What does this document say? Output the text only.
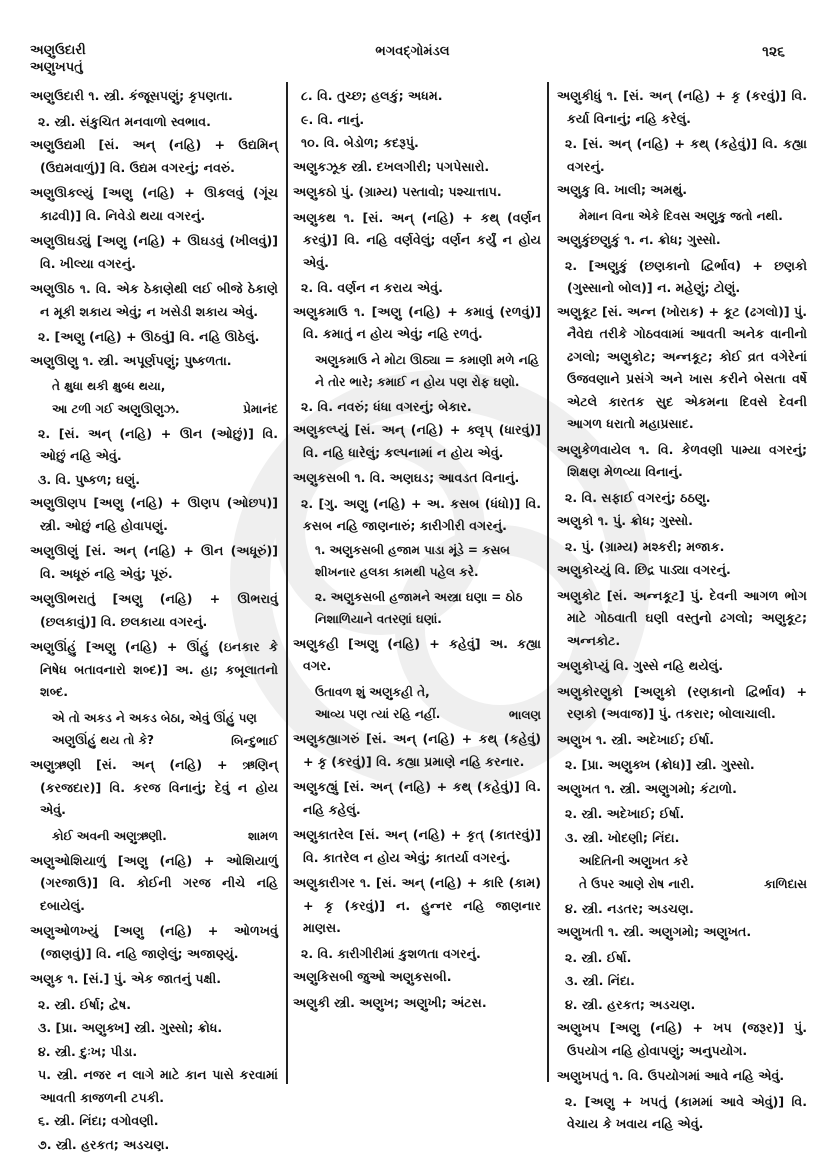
અણુઉદારી
અણુખપતું
ભગવદ્ગોમંડલ	૧૨૬
અણુઉદારી ૧. સ્ત્રી. કંજૂસપણું; કૃપણતા.
૨. સ્ત્રી. સંકુચિત મનવાળો સ્વભાવ.
અણુઉદ્યમી [સં. અન્ (નહિ) + ઉદ્યમિન્ (ઉદ્યમવાળું)] વિ. ઉદ્યમ વગરનું; નવરું.
અણુઊકલ્યું [અણુ (નહિ) + ઊકલવું (ગૂંચ કાઢવી)] વિ. નિવેડો થયા વગરનું.
અણુઊઘડ્યું [અણુ (નહિ) + ઊઘડવું (ખીલવું)] વિ. ખીલ્યા વગરનું.
અણુઊઠ ૧. વિ. એક ઠેકાણેથી લઈ બીજે ઠેકાણે ન મૂકી શકાય એવું; ન ખસેડી શકાય એવું.
૨. [અણુ (નહિ) + ઊઠવું] વિ. નહિ ઊઠેલું.
અણુઊણુ ૧. સ્ત્રી. અપૂર્ણપણું; પુષ્કળતા.
તે ક્ષુધા થકી ક્ષુબ્ધ થયા,
આ ટળી ગઈ અણુઊણુઝ.	પ્રેમાનંદ
૨. [સં. અન્ (નહિ) + ઊન (ઓછું)] વિ. ઓછું નહિ એવું.
૩. વિ. પુષ્કળ; ઘણું.
અણુઊણપ [અણુ (નહિ) + ઊણપ (ઓછપ)] સ્ત્રી. ઓછું નહિ હોવાપણું.
અણુઊણું [સં. અન્ (નહિ) + ઊન (અધૂરું)] વિ. અધૂરું નહિ એવું; પૂરું.
અણુઊભરાતું [અણુ (નહિ) + ઊભરાવું (છલકાવું)] વિ. છલકાયા વગરનું.
અણુઊંહું [અણુ (નહિ) + ઊંહું (ઇનકાર કે નિષેધ બતાવનારો શબ્દ)] અ. હા; કબૂલાતનો શબ્દ.
એ તો અકડ ને અકડ બેઠા, એવું ઊંહું પણ
અણુઊંહું થય તો કે?	બિન્દુભાઈ
અણુઋણી [સં. અન્ (નહિ) + ઋણિન્ (કરજદાર)] વિ. કરજ વિનાનું; દેવું ન હોય એવું.
કોઈ અવની અણુઋણી.	શામળ
અણુઓશિયાળું [અણુ (નહિ) + ઓશિયાળું (ગરજાઉ)] વિ. કોઈની ગરજ નીચે નહિ દબાયેલું.
અણુઓળખ્યું [અણુ (નહિ) + ઓળખવું (જાણવું)] વિ. નહિ જાણેલું; અજાણ્યું.
અણુક ૧. [સં.] પું. એક જાતનું પક્ષી.
૨. સ્ત્રી. ઈર્ષા; દ્વેષ.
૩. [પ્રા. અણુક્ખ] સ્ત્રી. ગુસ્સો; ક્રોધ.
૪. સ્ત્રી. દુઃખ; પીડા.
૫. સ્ત્રી. નજર ન લાગે માટે કાન પાસે કરવામાં આવતી કાજળની ટપકી.
૬. સ્ત્રી. નિંદા; વગોવણી.
૭. સ્ત્રી. હરકત; અડચણ.
૮. વિ. તુચ્છ; હલકું; અધમ.
૯. વિ. નાનું.
૧૦. વિ. બેડોળ; કદરૂપું.
અણુકઝૂક સ્ત્રી. દખલગીરી; પગપેસારો.
અણુકઠો પું. (ગ્રામ્ય) પસ્તાવો; પશ્ચાત્તાપ.
અણુકથ ૧. [સં. અન્ (નહિ) + કથ્ (વર્ણન કરવું)] વિ. નહિ વર્ણવેલું; વર્ણન કર્યું ન હોય એવું.
૨. વિ. વર્ણન ન કરાય એવું.
અણુકમાઉ ૧. [અણુ (નહિ) + કમાવું (રળવું)] વિ. કમાતું ન હોય એવું; નહિ રળતું.
અણુકમાઉ ને મોટા ઊઠ્યા = કમાણી મળે નહિ ને તોર ભારે; કમાઈ ન હોય પણ રોફ ઘણો.
૨. વિ. નવરું; ધંધા વગરનું; બેકાર.
અણુકલ્પ્યું [સં. અન્ (નહિ) + ક્લૃપ્ (ધારવું)] વિ. નહિ ધારેલું; કલ્પનામાં ન હોય એવું.
અણુકસબી ૧. વિ. અણઘડ; આવડત વિનાનું.
૨. [ગુ. અણુ (નહિ) + અ. કસબ (ધંધો)] વિ. કસબ નહિ જાણનારું; કારીગીરી વગરનું.
૧. અણુકસબી હજામ પાડા મૂંડે = કસબ શીખનાર હલકા કામથી પહેલ કરે.
૨. અણુકસબી હજામને અસ્ત્રા ઘણા = ઠોઠ નિશાળિયાને વતરણાં ઘણાં.
અણુકહી [અણુ (નહિ) + કહેવું] અ. કહ્યા વગર.
ઉતાવળ શું અણુકહી તે,
આવ્ય પણ ત્યાં રહિ નહીં.	ભાલણ
અણુકહ્યાગરું [સં. અન્ (નહિ) + કથ્ (કહેવું) + કૃ (કરવું)] વિ. કહ્યા પ્રમાણે નહિ કરનાર.
અણુકહ્યું [સં. અન્ (નહિ) + કથ્ (કહેવું)] વિ. નહિ કહેલું.
અણુકાતરેલ [સં. અન્ (નહિ) + કૃત્ (કાતરવું)] વિ. કાતરેલ ન હોય એવું; કાતર્યા વગરનું.
અણુકારીગર ૧. [સં. અન્ (નહિ) + કારિ (કામ) + કૃ (કરવું)] ન. હુન્નર નહિ જાણનાર માણસ.
૨. વિ. કારીગીરીમાં કુશળતા વગરનું.
અણુકિસબી જુઓ અણુકસબી.
અણુકી સ્ત્રી. અણુખ; અણુખી; અંટસ.
અણુકીધું ૧. [સં. અન્ (નહિ) + કૃ (કરવું)] વિ. કર્યા વિનાનું; નહિ કરેલું.
૨. [સં. અન્ (નહિ) + કથ્ (કહેવું)] વિ. કહ્યા વગરનું.
અણુકુ વિ. ખાલી; અમથું.
મેમાન વિના એકે દિવસ અણુકુ જતો નથી.
અણુકુંછણુકું ૧. ન. ક્રોધ; ગુસ્સો.
૨. [અણુકું (છણકાનો દ્વિર્ભાવ) + છણકો (ગુસ્સાનો બોલ)] ન. મહેણું; ટોણું.
અણુકૂટ [સં. અન્ન (ખોરાક) + કૂટ (ઢગલો)] પું. નૈવેદ્ય તરીકે ગોઠવવામાં આવતી અનેક વાનીનો ઢગલો; અણુકોટ; અન્નકૂટ; કોઈ વ્રત વગેરેનાં ઉજવણાને પ્રસંગે અને ખાસ કરીને બેસતા વર્ષે એટલે કારતક સુદ એકમના દિવસે દેવની આગળ ધરાતો મહાપ્રસાદ.
અણુકેળવાયેલ ૧. વિ. કેળવણી પામ્યા વગરનું; શિક્ષણ મેળવ્યા વિનાનું.
૨. વિ. સફાઈ વગરનું; ઠઠણુ.
અણુકો ૧. પું. ક્રોધ; ગુસ્સો.
૨. પું. (ગ્રામ્ય) મશ્કરી; મજાક.
અણુકોચ્યું વિ. છિદ્ર પાડ્યા વગરનું.
અણુકોટ [સં. અન્નકૂટ] પું. દેવની આગળ ભોગ માટે ગોઠવાતી ઘણી વસ્તુનો ઢગલો; અણુકૂટ; અન્નકોટ.
અણુકોપ્યું વિ. ગુસ્સે નહિ થયેલું.
અણુકોરણુકો [અણુકો (રણકાનો દ્વિર્ભાવ) + રણકો (અવાજ)] પું. તકરાર; બોલાચાલી.
અણુખ ૧. સ્ત્રી. અદેખાઈ; ઈર્ષા.
૨. [પ્રા. અણુક્ખ (ક્રોધ)] સ્ત્રી. ગુસ્સો.
અણુખત ૧. સ્ત્રી. અણુગમો; કંટાળો.
૨. સ્ત્રી. અદેખાઈ; ઈર્ષા.
૩. સ્ત્રી. ખોદણી; નિંદા.
અદિતિની અણુખત કરે
તે ઉપર આણે રોષ નારી.	કાળિદાસ
૪. સ્ત્રી. નડતર; અડચણ.
અણુખતી ૧. સ્ત્રી. અણુગમો; અણુખત.
૨. સ્ત્રી. ઈર્ષા.
૩. સ્ત્રી. નિંદા.
૪. સ્ત્રી. હરકત; અડચણ.
અણુખપ [અણુ (નહિ) + ખપ (જરૂર)] પું. ઉપયોગ નહિ હોવાપણું; અનુપયોગ.
અણુખપતું ૧. વિ. ઉપયોગમાં આવે નહિ એવું.
૨. [અણુ + ખપતું (કામમાં આવે એવું)] વિ. વેચાય કે ખવાય નહિ એવું.
